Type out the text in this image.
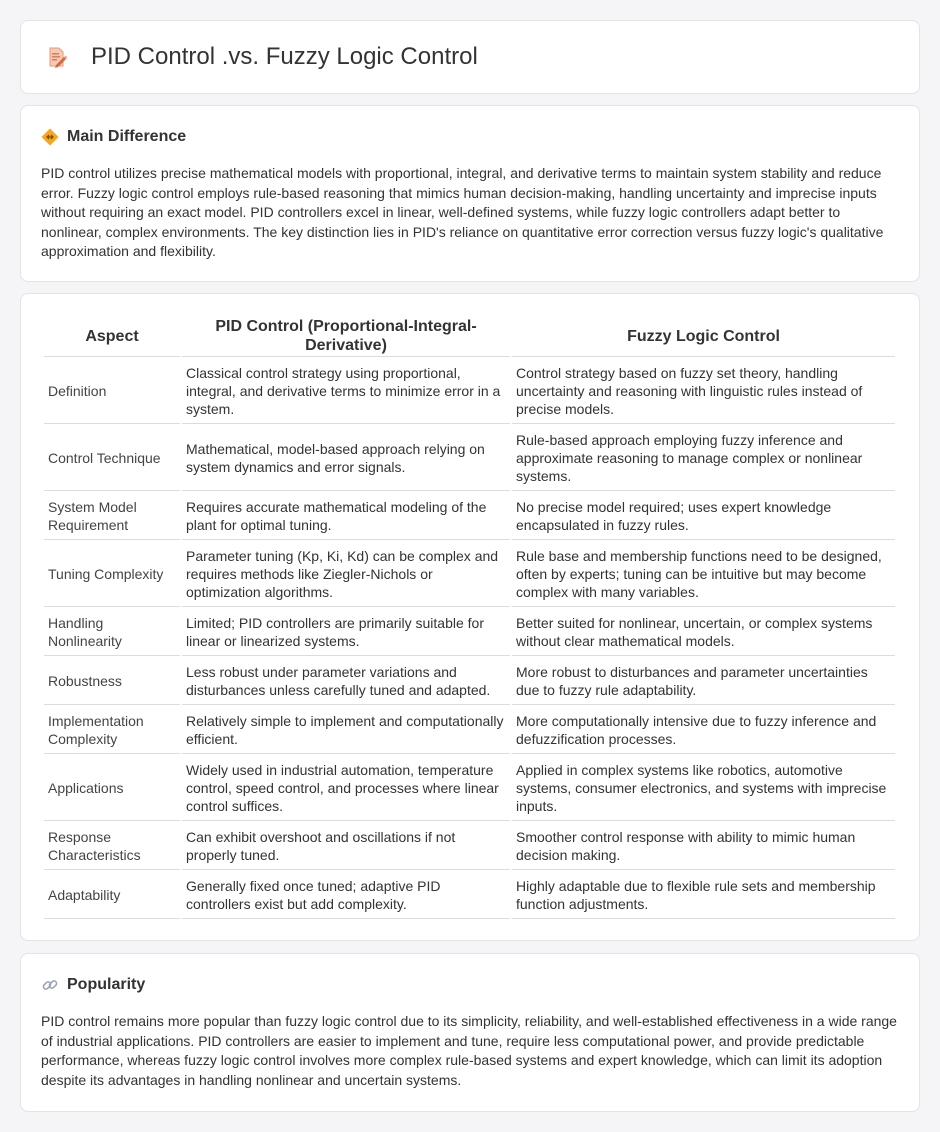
PID Control .vs. Fuzzy Logic Control
Main Difference

PID control utilizes precise mathematical models with proportional, integral, and derivative terms to maintain system stability and reduce error. Fuzzy logic control employs rule-based reasoning that mimics human decision-making, handling uncertainty and imprecise inputs without requiring an exact model. PID controllers excel in linear, well-defined systems, while fuzzy logic controllers adapt better to nonlinear, complex environments. The key distinction lies in PID's reliance on quantitative error correction versus fuzzy logic's qualitative approximation and flexibility.

Aspect	PID Control (Proportional-Integral-Derivative)	Fuzzy Logic Control
Definition	Classical control strategy using proportional, integral, and derivative terms to minimize error in a system.	Control strategy based on fuzzy set theory, handling uncertainty and reasoning with linguistic rules instead of precise models.
Control Technique	Mathematical, model-based approach relying on system dynamics and error signals.	Rule-based approach employing fuzzy inference and approximate reasoning to manage complex or nonlinear systems.
System Model Requirement	Requires accurate mathematical modeling of the plant for optimal tuning.	No precise model required; uses expert knowledge encapsulated in fuzzy rules.
Tuning Complexity	Parameter tuning (Kp, Ki, Kd) can be complex and requires methods like Ziegler-Nichols or optimization algorithms.	Rule base and membership functions need to be designed, often by experts; tuning can be intuitive but may become complex with many variables.
Handling Nonlinearity	Limited; PID controllers are primarily suitable for linear or linearized systems.	Better suited for nonlinear, uncertain, or complex systems without clear mathematical models.
Robustness	Less robust under parameter variations and disturbances unless carefully tuned and adapted.	More robust to disturbances and parameter uncertainties due to fuzzy rule adaptability.
Implementation Complexity	Relatively simple to implement and computationally efficient.	More computationally intensive due to fuzzy inference and defuzzification processes.
Applications	Widely used in industrial automation, temperature control, speed control, and processes where linear control suffices.	Applied in complex systems like robotics, automotive systems, consumer electronics, and systems with imprecise inputs.
Response Characteristics	Can exhibit overshoot and oscillations if not properly tuned.	Smoother control response with ability to mimic human decision making.
Adaptability	Generally fixed once tuned; adaptive PID controllers exist but add complexity.	Highly adaptable due to flexible rule sets and membership function adjustments.
Popularity

PID control remains more popular than fuzzy logic control due to its simplicity, reliability, and well-established effectiveness in a wide range of industrial applications. PID controllers are easier to implement and tune, require less computational power, and provide predictable performance, whereas fuzzy logic control involves more complex rule-based systems and expert knowledge, which can limit its adoption despite its advantages in handling nonlinear and uncertain systems.
